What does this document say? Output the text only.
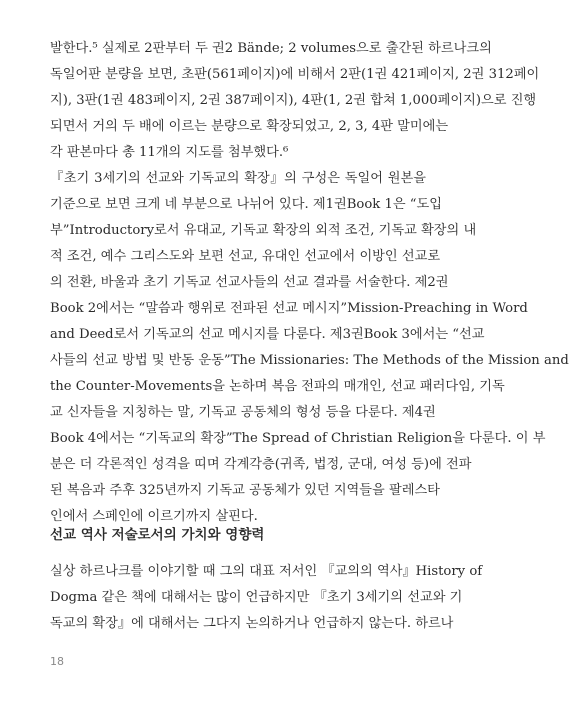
발한다.⁵ 실제로 2판부터 두 권2 Bände; 2 volumes으로 출간된 하르나크의
독일어판 분량을 보면, 초판(561페이지)에 비해서 2판(1권 421페이지, 2권 312페이
지), 3판(1권 483페이지, 2권 387페이지), 4판(1, 2권 합쳐 1,000페이지)으로 진행
되면서 거의 두 배에 이르는 분량으로 확장되었고, 2, 3, 4판 말미에는
각 판본마다 총 11개의 지도를 첨부했다.⁶
『초기 3세기의 선교와 기독교의 확장』의 구성은 독일어 원본을
기준으로 보면 크게 네 부분으로 나뉘어 있다. 제1권Book 1은 “도입
부”Introductory로서 유대교, 기독교 확장의 외적 조건, 기독교 확장의 내
적 조건, 예수 그리스도와 보편 선교, 유대인 선교에서 이방인 선교로
의 전환, 바울과 초기 기독교 선교사들의 선교 결과를 서술한다. 제2권
Book 2에서는 “말씀과 행위로 전파된 선교 메시지”Mission-Preaching in Word
and Deed로서 기독교의 선교 메시지를 다룬다. 제3권Book 3에서는 “선교
사들의 선교 방법 및 반동 운동”The Missionaries: The Methods of the Mission and
the Counter-Movements을 논하며 복음 전파의 매개인, 선교 패러다임, 기독
교 신자들을 지칭하는 말, 기독교 공동체의 형성 등을 다룬다. 제4권
Book 4에서는 “기독교의 확장”The Spread of Christian Religion을 다룬다. 이 부
분은 더 각론적인 성격을 띠며 각계각층(귀족, 법정, 군대, 여성 등)에 전파
된 복음과 주후 325년까지 기독교 공동체가 있던 지역들을 팔레스타
인에서 스페인에 이르기까지 살핀다.
선교 역사 저술로서의 가치와 영향력
실상 하르나크를 이야기할 때 그의 대표 저서인 『교의의 역사』History of
Dogma 같은 책에 대해서는 많이 언급하지만 『초기 3세기의 선교와 기
독교의 확장』에 대해서는 그다지 논의하거나 언급하지 않는다. 하르나
18
